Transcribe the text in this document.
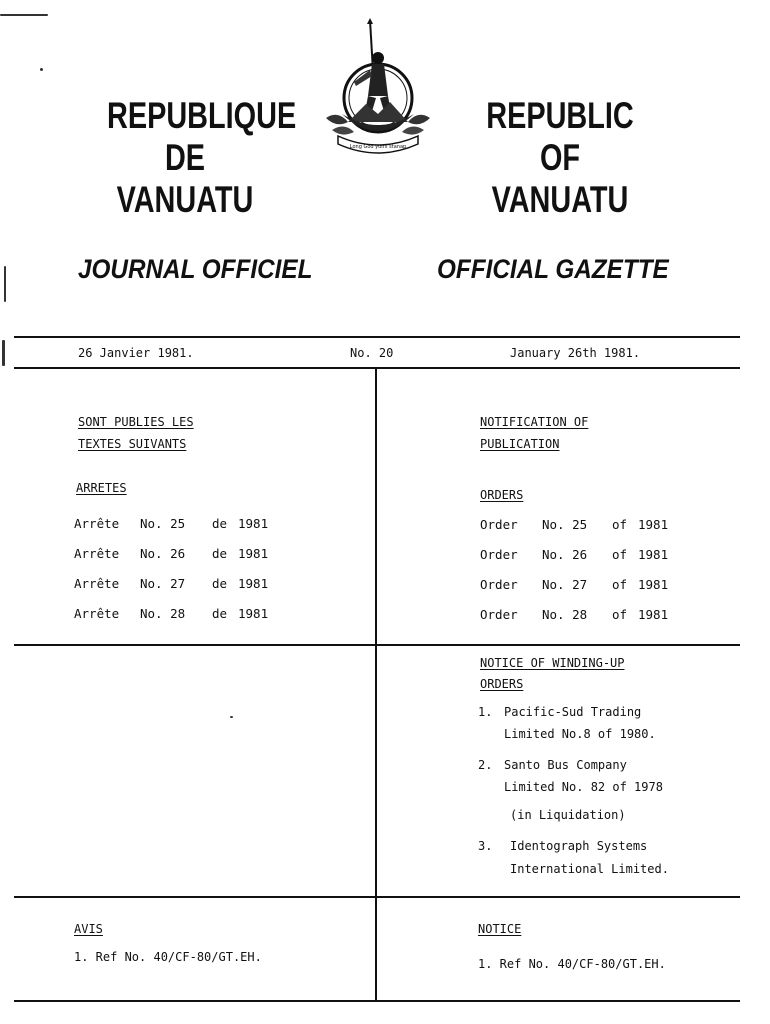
REPUBLIQUE
DE
VANUATU
REPUBLIC
OF
VANUATU
Long God yumi stanap
JOURNAL OFFICIEL	OFFICIAL GAZETTE
26 Janvier 1981.	No. 20	January 26th 1981.
SONT PUBLIES LES
TEXTES SUIVANTS
ARRETES
Arrête No. 25 de 1981
Arrête No. 26 de 1981
Arrête No. 27 de 1981
Arrête No. 28 de 1981
NOTIFICATION OF
PUBLICATION
ORDERS
Order No. 25 of 1981
Order No. 26 of 1981
Order No. 27 of 1981
Order No. 28 of 1981
NOTICE OF WINDING-UP
ORDERS
1. Pacific-Sud Trading
Limited No.8 of 1980.
2. Santo Bus Company
Limited No. 82 of 1978
(in Liquidation)
3. Identograph Systems
International Limited.
AVIS
1. Ref No. 40/CF-80/GT.EH.
NOTICE
1. Ref No. 40/CF-80/GT.EH.
